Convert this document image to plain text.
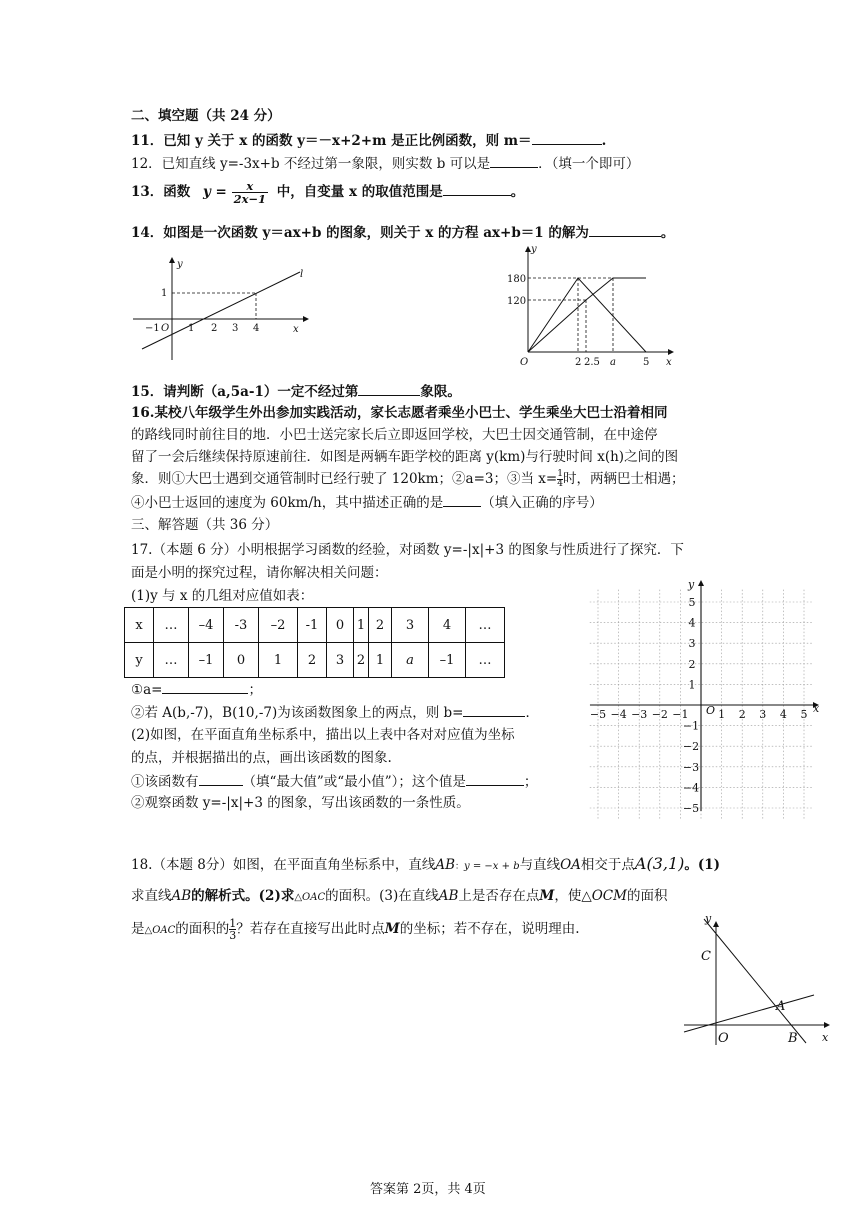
二、填空题（共 24 分）
11．已知 y 关于 x 的函数 y＝－x+2+m 是正比例函数，则 m＝	.
12．已知直线 y=-3x+b 不经过第一象限，则实数 b 可以是	．（填一个即可）
13．函数 $y = \frac{x}{2x-1}$ 中，自变量 x 的取值范围是	。
14．如图是一次函数 y＝ax+b 的图象，则关于 x 的方程 ax+b＝1 的解为	。
y
x
l
1
−1 O 1 2 3 4
y
x
180
120
O	2 2.5 a	5
15．请判断（a,5a-1）一定不经过第	象限。
16.某校八年级学生外出参加实践活动，家长志愿者乘坐小巴士、学生乘坐大巴士沿着相同
的路线同时前往目的地．小巴士送完家长后立即返回学校，大巴士因交通管制，在中途停
留了一会后继续保持原速前往．如图是两辆车距学校的距离 y(km)与行驶时间 x(h)之间的图
象．则①大巴士遇到交通管制时已经行驶了 120km；②a=3；③当 $x= \frac{1}{4}$时，两辆巴士相遇；
④小巴士返回的速度为 60km/h，其中描述正确的是	（填入正确的序号）
三、解答题（共 36 分）
17.（本题 6 分）小明根据学习函数的经验，对函数 y=-|x|+3 的图象与性质进行了探究．下
面是小明的探究过程，请你解决相关问题：
(1)y 与 x 的几组对应值如表：
x	…	–4	-3	–2	-1	0	1	2	3	4	…
y	…	–1	0	1	2	3	2	1	a	–1	…
①a=	；
②若 A(b,-7)，B(10,-7)为该函数图象上的两点，则 b=	．
(2)如图，在平面直角坐标系中，描出以上表中各对对应值为坐标
的点，并根据描出的点，画出该函数的图象.
①该函数有	（填“最大值”或“最小值”）；这个值是	；
②观察函数 y=-|x|+3 的图象，写出该函数的一条性质。
y
x
O 1 2 3 4 5
−5 −4 −3 −2 −1
5
4
3
2
1
−1
−2
−3
−4
−5
18.（本题 8分）如图，在平面直角坐标系中，直线AB：y = −x + b与直线OA相交于点A(3,1)。(1)
求直线AB的解析式。(2)求△OAC的面积。(3)在直线AB上是否存在点M，使△OCM的面积
是△OAC的面积的 $\frac{1}{3}$？若存在直接写出此时点M的坐标；若不存在，说明理由.
y
x
C
A
O	B
答案第 2页，共 4页
